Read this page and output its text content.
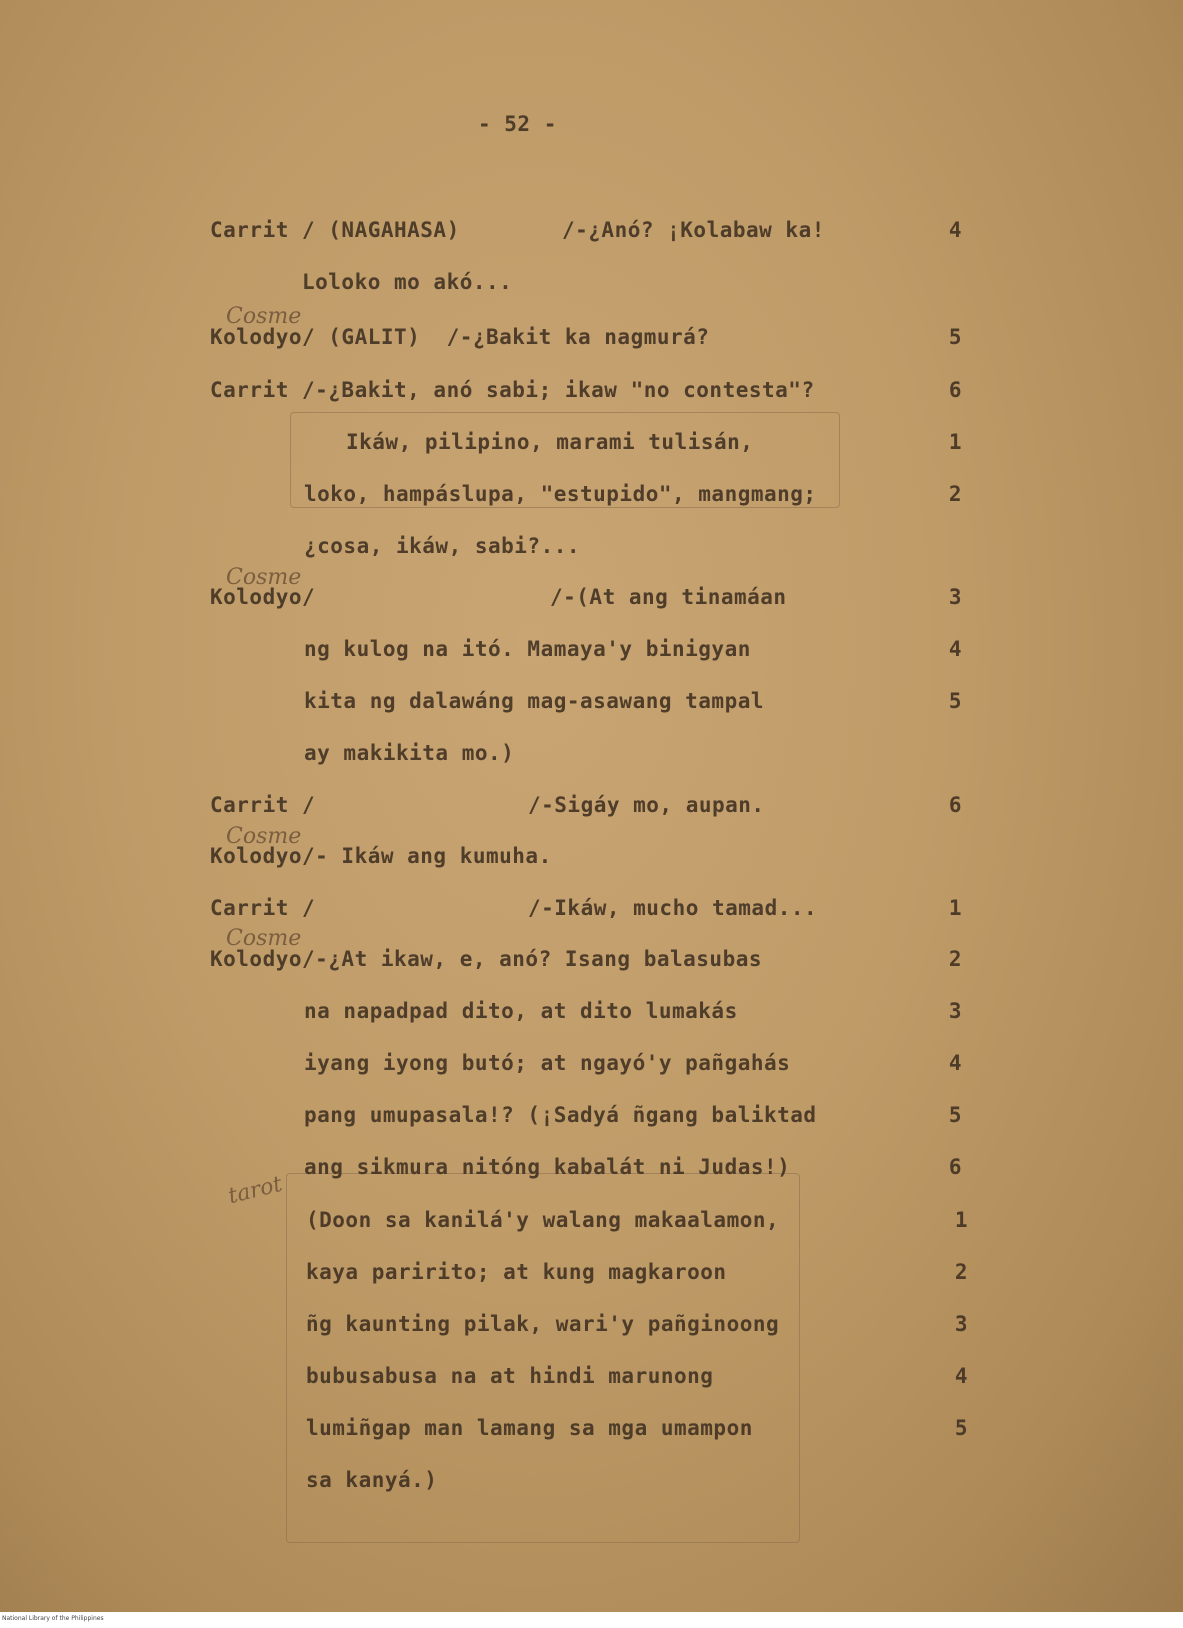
- 52 -
Carrit / (NAGAHASA)	/-¿Anó? ¡Kolabaw ka!	4
Loloko mo akó...
Cosme
Kolodyo/ (GALIT)  /-¿Bakit ka nagmurá?	5
Carrit /-¿Bakit, anó sabi; ikaw "no contesta"?	6
Ikáw, pilipino, marami tulisán,	1
loko, hampáslupa, "estupido", mangmang;	2
¿cosa, ikáw, sabi?...
Cosme
Kolodyo/	/-(At ang tinamáan	3
ng kulog na itó. Mamaya'y binigyan	4
kita ng dalawáng mag-asawang tampal	5
ay makikita mo.)
Carrit /	/-Sigáy mo, aupan.	6
Cosme
Kolodyo/- Ikáw ang kumuha.
Carrit /	/-Ikáw, mucho tamad...	1
Cosme
Kolodyo/-¿At ikaw, e, anó? Isang balasubas	2
na napadpad dito, at dito lumakás	3
iyang iyong butó; at ngayó'y pañgahás	4
pang umupasala!? (¡Sadyá ñgang baliktad	5
tarot
ang sikmura nitóng kabalát ni Judas!)	6
(Doon sa kanilá'y walang makaalamon,	1
kaya paririto; at kung magkaroon	2
ñg kaunting pilak, wari'y pañginoong	3
bubusabusa na at hindi marunong	4
lumiñgap man lamang sa mga umampon	5
sa kanyá.)
National Library of the Philippines
